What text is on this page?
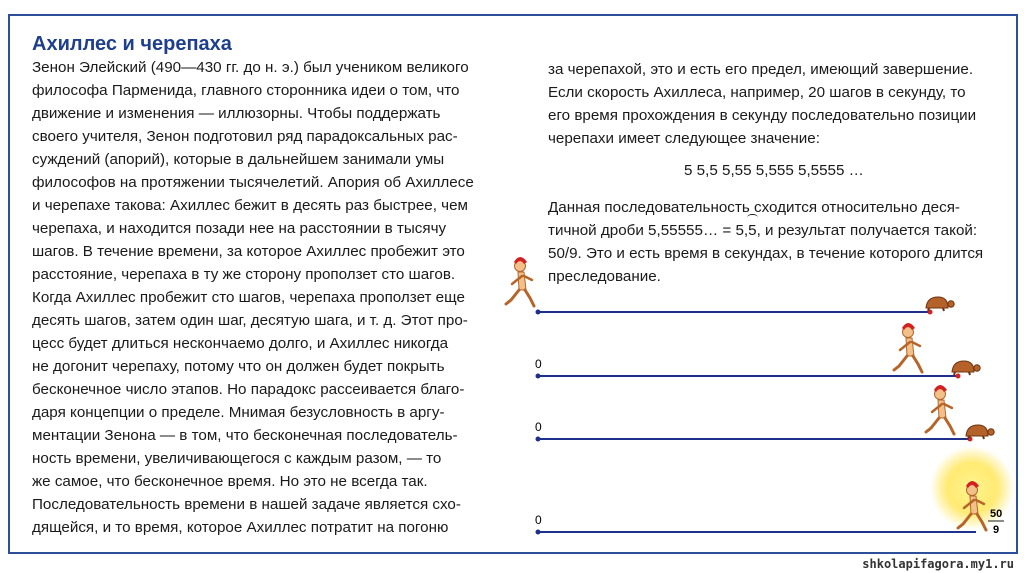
Ахиллес и черепаха
Зенон Элейский (490—430 гг. до н. э.) был учеником великого
философа Парменида, главного сторонника идеи о том, что
движение и изменения — иллюзорны. Чтобы поддержать
своего учителя, Зенон подготовил ряд парадоксальных рас-
суждений (апорий), которые в дальнейшем занимали умы
философов на протяжении тысячелетий. Апория об Ахиллесе
и черепахе такова: Ахиллес бежит в десять раз быстрее, чем
черепаха, и находится позади нее на расстоянии в тысячу
шагов. В течение времени, за которое Ахиллес пробежит это
расстояние, черепаха в ту же сторону проползет сто шагов.
Когда Ахиллес пробежит сто шагов, черепаха проползет еще
десять шагов, затем один шаг, десятую шага, и т. д. Этот про-
цесс будет длиться нескончаемо долго, и Ахиллес никогда
не догонит черепаху, потому что он должен будет покрыть
бесконечное число этапов. Но парадокс рассеивается благо-
даря концепции о пределе. Мнимая безусловность в аргу-
ментации Зенона — в том, что бесконечная последователь-
ность времени, увеличивающегося с каждым разом, — то
же самое, что бесконечное время. Но это не всегда так.
Последовательность времени в нашей задаче является схо-
дящейся, и то время, которое Ахиллес потратит на погоню
за черепахой, это и есть его предел, имеющий завершение.
Если скорость Ахиллеса, например, 20 шагов в секунду, то
его время прохождения в секунду последовательно позиции
черепахи имеет следующее значение:
5 5,5 5,55 5,555 5,5555 …
Данная последовательность сходится относительно деся-
тичной дроби 5,55555… = 5,5, и результат получается такой:
50/9. Это и есть время в секундах, в течение которого длится
преследование.
0
0
0	50
9
shkolapifagora.my1.ru
